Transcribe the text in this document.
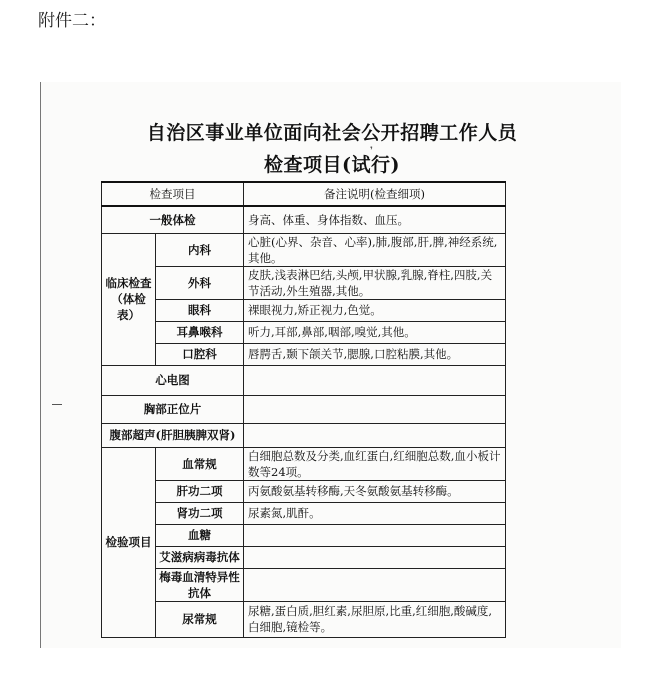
附件二：
自治区事业单位面向社会公开招聘工作人员
检查项目(试行)
❜
检查项目		备注说明(检查细项)
一般体检		身高、体重、身体指数、血压。
临床检查（体检表）	内科	心脏(心界、杂音、心率),肺,腹部,肝,脾,神经系统,其他。
	外科	皮肤,浅表淋巴结,头颅,甲状腺,乳腺,脊柱,四肢,关节活动,外生殖器,其他。
	眼科	裸眼视力,矫正视力,色觉。
	耳鼻喉科	听力,耳部,鼻部,咽部,嗅觉,其他。
	口腔科	唇腭舌,颞下颌关节,腮腺,口腔粘膜,其他。
心电图		
胸部正位片		
腹部超声(肝胆胰脾双肾)		
检验项目	血常规	白细胞总数及分类,血红蛋白,红细胞总数,血小板计数等24项。
	肝功二项	丙氨酸氨基转移酶,天冬氨酸氨基转移酶。
	肾功二项	尿素氮,肌酐。
	血糖	
	艾滋病病毒抗体	
	梅毒血清特异性抗体	
	尿常规	尿糖,蛋白质,胆红素,尿胆原,比重,红细胞,酸碱度,白细胞,镜检等。
